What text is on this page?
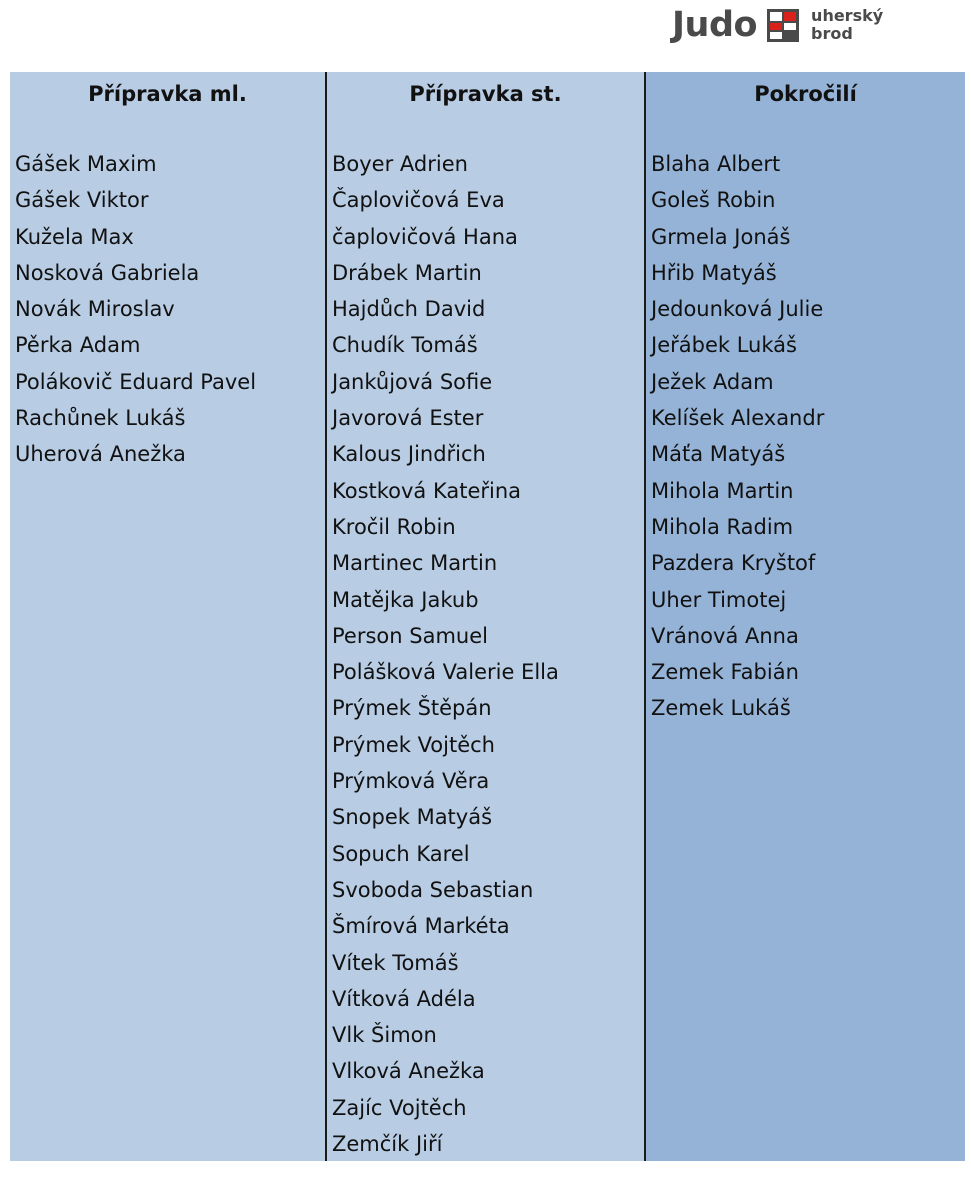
Judo	uherský
brod
Přípravka ml.
Gášek Maxim
Gášek Viktor
Kužela Max
Nosková Gabriela
Novák Miroslav
Pěrka Adam
Polákovič Eduard Pavel
Rachůnek Lukáš
Uherová Anežka
Přípravka st.
Boyer Adrien
Čaplovičová Eva
čaplovičová Hana
Drábek Martin
Hajdůch David
Chudík Tomáš
Jankůjová Sofie
Javorová Ester
Kalous Jindřich
Kostková Kateřina
Kročil Robin
Martinec Martin
Matějka Jakub
Person Samuel
Polášková Valerie Ella
Prýmek Štěpán
Prýmek Vojtěch
Prýmková Věra
Snopek Matyáš
Sopuch Karel
Svoboda Sebastian
Šmírová Markéta
Vítek Tomáš
Vítková Adéla
Vlk Šimon
Vlková Anežka
Zajíc Vojtěch
Zemčík Jiří
Pokročilí
Blaha Albert
Goleš Robin
Grmela Jonáš
Hřib Matyáš
Jedounková Julie
Jeřábek Lukáš
Ježek Adam
Kelíšek Alexandr
Máťa Matyáš
Mihola Martin
Mihola Radim
Pazdera Kryštof
Uher Timotej
Vránová Anna
Zemek Fabián
Zemek Lukáš
